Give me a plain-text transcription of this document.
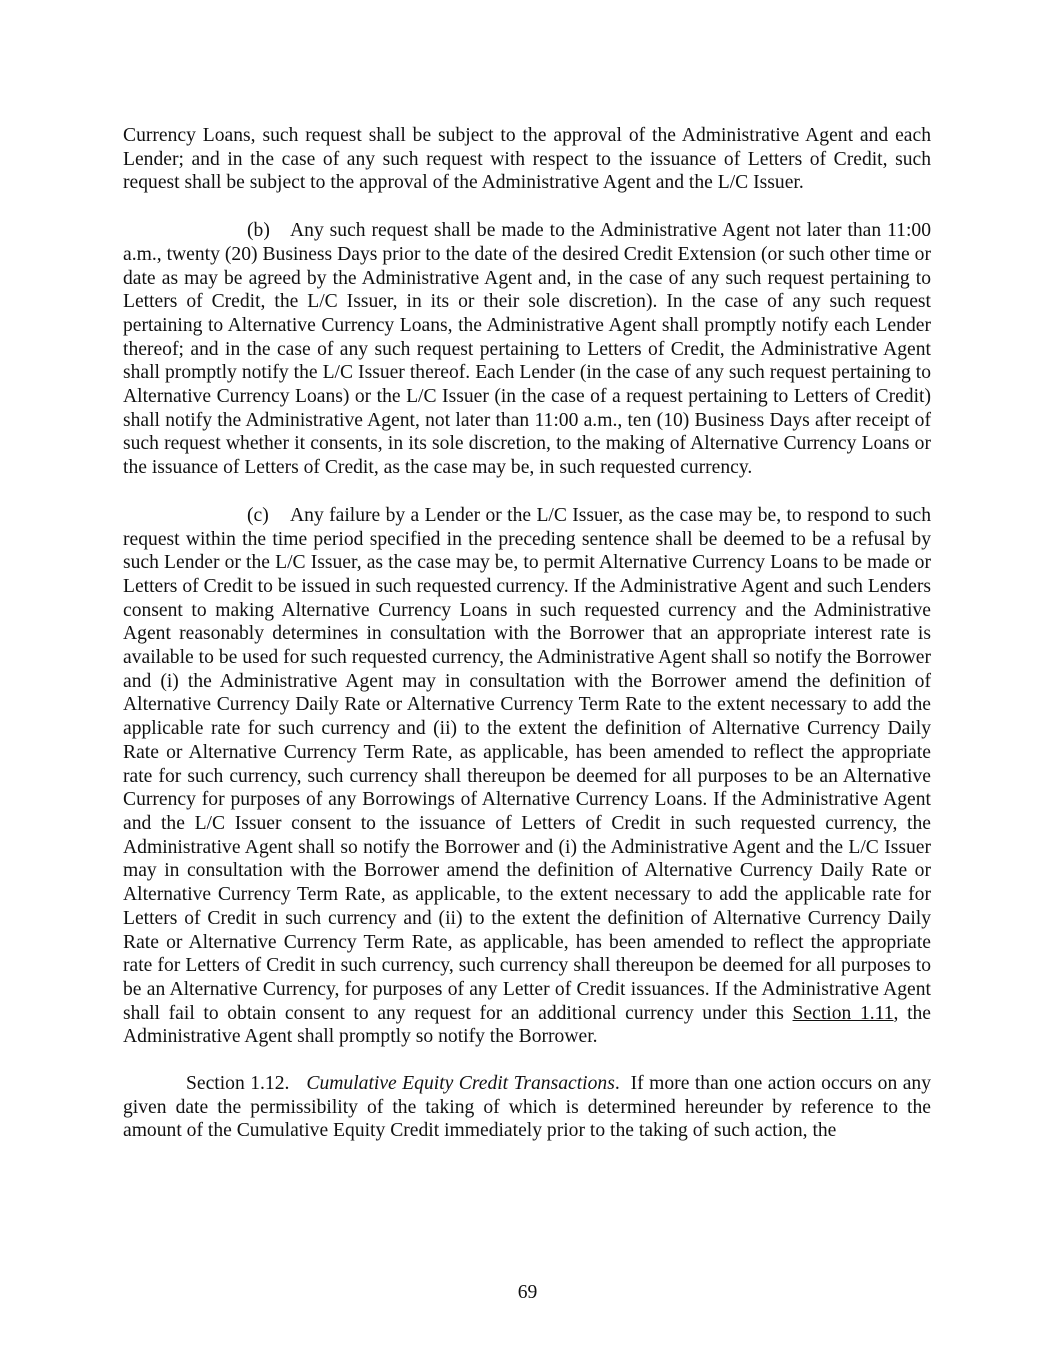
Currency Loans, such request shall be subject to the approval of the Administrative Agent and each Lender; and in the case of any such request with respect to the issuance of Letters of Credit, such request shall be subject to the approval of the Administrative Agent and the L/C Issuer.

(b) Any such request shall be made to the Administrative Agent not later than 11:00 a.m., twenty (20) Business Days prior to the date of the desired Credit Extension (or such other time or date as may be agreed by the Administrative Agent and, in the case of any such request pertaining to Letters of Credit, the L/C Issuer, in its or their sole discretion). In the case of any such request pertaining to Alternative Currency Loans, the Administrative Agent shall promptly notify each Lender thereof; and in the case of any such request pertaining to Letters of Credit, the Administrative Agent shall promptly notify the L/C Issuer thereof. Each Lender (in the case of any such request pertaining to Alternative Currency Loans) or the L/C Issuer (in the case of a request pertaining to Letters of Credit) shall notify the Administrative Agent, not later than 11:00 a.m., ten (10) Business Days after receipt of such request whether it consents, in its sole discretion, to the making of Alternative Currency Loans or the issuance of Letters of Credit, as the case may be, in such requested currency.

(c) Any failure by a Lender or the L/C Issuer, as the case may be, to respond to such request within the time period specified in the preceding sentence shall be deemed to be a refusal by such Lender or the L/C Issuer, as the case may be, to permit Alternative Currency Loans to be made or Letters of Credit to be issued in such requested currency. If the Administrative Agent and such Lenders consent to making Alternative Currency Loans in such requested currency and the Administrative Agent reasonably determines in consultation with the Borrower that an appropriate interest rate is available to be used for such requested currency, the Administrative Agent shall so notify the Borrower and (i) the Administrative Agent may in consultation with the Borrower amend the definition of Alternative Currency Daily Rate or Alternative Currency Term Rate to the extent necessary to add the applicable rate for such currency and (ii) to the extent the definition of Alternative Currency Daily Rate or Alternative Currency Term Rate, as applicable, has been amended to reflect the appropriate rate for such currency, such currency shall thereupon be deemed for all purposes to be an Alternative Currency for purposes of any Borrowings of Alternative Currency Loans. If the Administrative Agent and the L/C Issuer consent to the issuance of Letters of Credit in such requested currency, the Administrative Agent shall so notify the Borrower and (i) the Administrative Agent and the L/C Issuer may in consultation with the Borrower amend the definition of Alternative Currency Daily Rate or Alternative Currency Term Rate, as applicable, to the extent necessary to add the applicable rate for Letters of Credit in such currency and (ii) to the extent the definition of Alternative Currency Daily Rate or Alternative Currency Term Rate, as applicable, has been amended to reflect the appropriate rate for Letters of Credit in such currency, such currency shall thereupon be deemed for all purposes to be an Alternative Currency, for purposes of any Letter of Credit issuances. If the Administrative Agent shall fail to obtain consent to any request for an additional currency under this Section 1.11, the Administrative Agent shall promptly so notify the Borrower.

Section 1.12. Cumulative Equity Credit Transactions. If more than one action occurs on any given date the permissibility of the taking of which is determined hereunder by reference to the amount of the Cumulative Equity Credit immediately prior to the taking of such action, the

69
